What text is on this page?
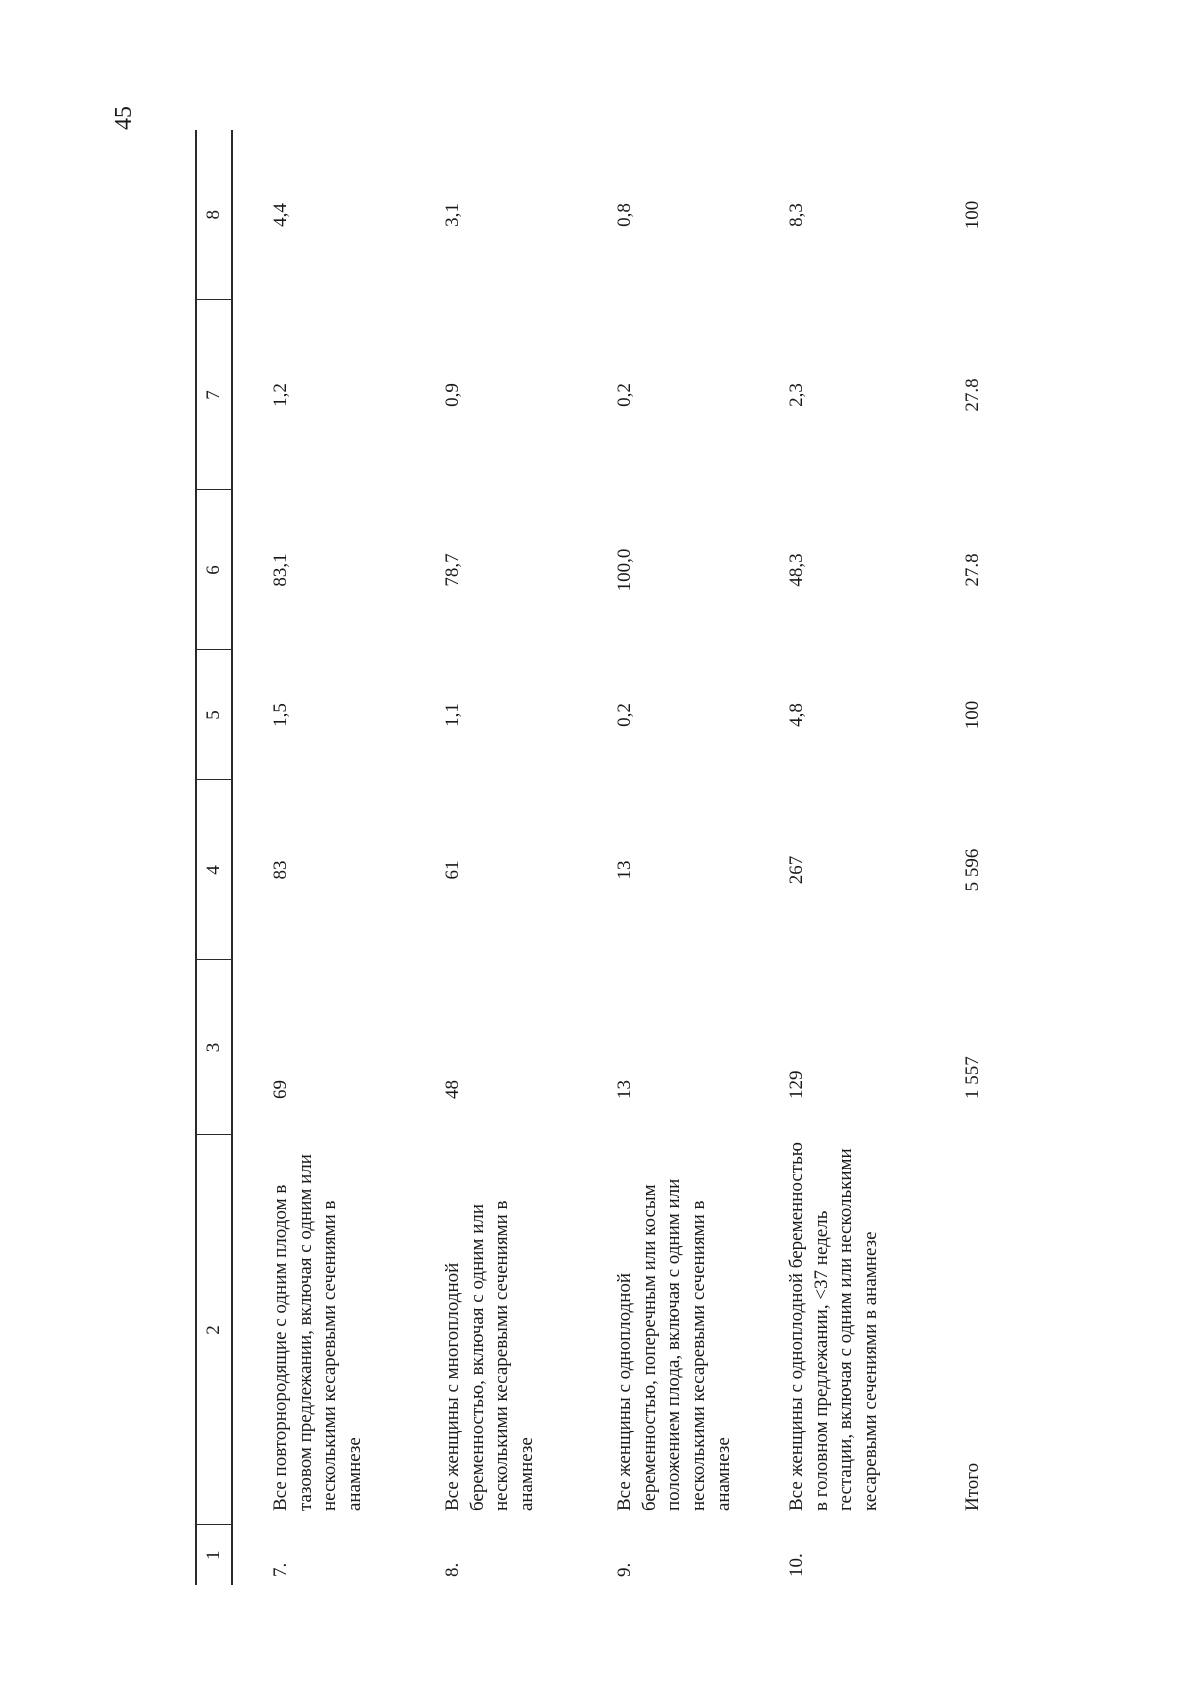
45
1	2	3	4	5	6	7	8
7.	Все повторнородящие с одним плодом в тазовом предлежании, включая с одним или несколькими кесаревыми сечениями в анамнезе	69	83	1,5	83,1	1,2	4,4
8.	Все женщины с многоплодной беременностью, включая с одним или несколькими кесаревыми сечениями в анамнезе	48	61	1,1	78,7	0,9	3,1
9.	Все женщины с одноплодной беременностью, поперечным или косым положением плода, включая с одним или несколькими кесаревыми сечениями в анамнезе	13	13	0,2	100,0	0,2	0,8
10.	Все женщины с одноплодной беременностью в головном предлежании, <37 недель гестации, включая с одним или несколькими кесаревыми сечениями в анамнезе	129	267	4,8	48,3	2,3	8,3
	Итого	1 557	5 596	100	27.8	27.8	100
